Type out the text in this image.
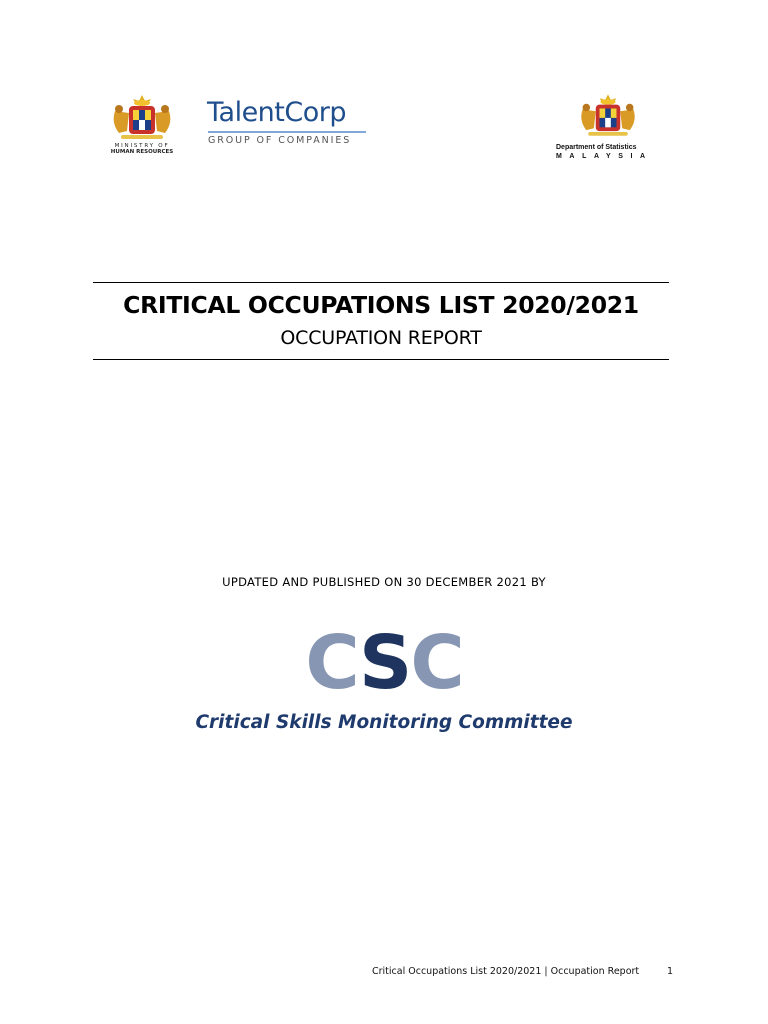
MINISTRY OF
HUMAN RESOURCES
TalentCorp
GROUP OF COMPANIES
Department of Statistics
MALAYSIA
CRITICAL OCCUPATIONS LIST 2020/2021
OCCUPATION REPORT
UPDATED AND PUBLISHED ON 30 DECEMBER 2021 BY
CSC
Critical Skills Monitoring Committee
Critical Occupations List 2020/2021 | Occupation Report	1
